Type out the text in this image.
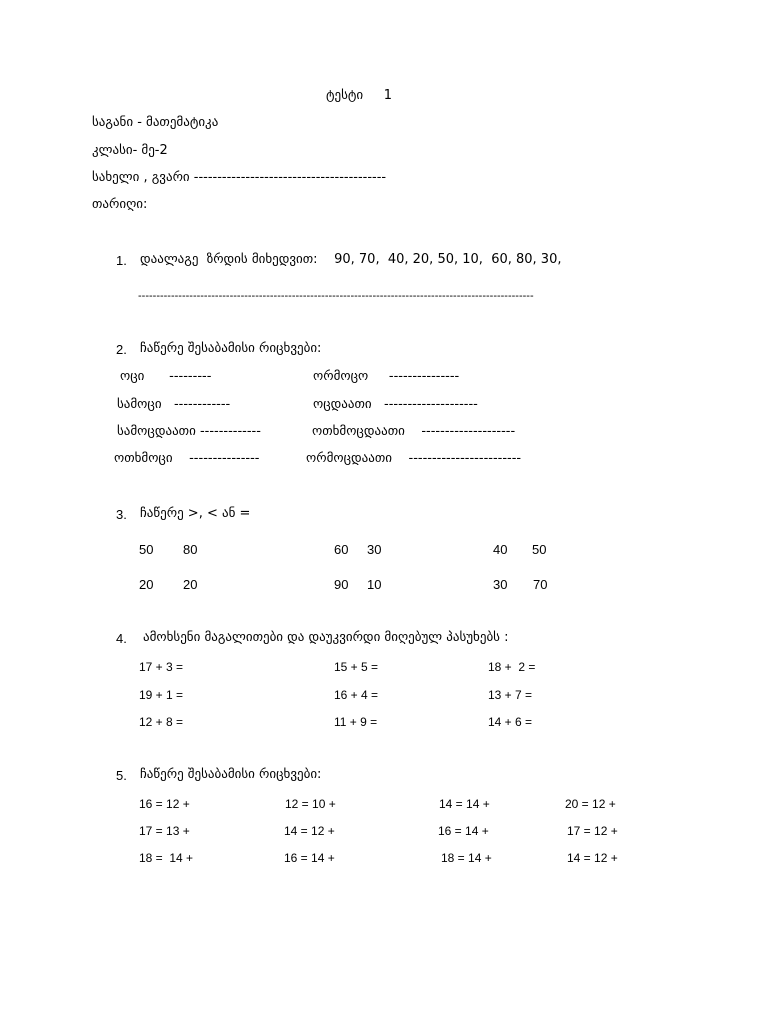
ტესტი     1
საგანი - მათემატიკა
კლასი- მე-2
სახელი , გვარი -----------------------------------------
თარიღი:
1. დაალაგე  ზრდის მიხედვით:    90, 70,  40, 20, 50, 10,  60, 80, 30,
------------------------------------------------------------------------------------------------------------
2. ჩაწერე შესაბამისი რიცხვები:
ოცი      ---------	ორმოცო     ---------------
სამოცი   ------------	ოცდაათი   --------------------
სამოცდაათი -------------	ოთხმოცდაათი    --------------------
ოთხმოცი    ---------------	ორმოცდაათი    ------------------------
3. ჩაწერე >, < ან =
50 80	60 30	40 50
20 20	90 10	30 70
4. ამოხსენი მაგალითები და დაუკვირდი მიღებულ პასუხებს :
17 + 3 =	15 + 5 =	18 +  2 =
19 + 1 =	16 + 4 =	13 + 7 =
12 + 8 =	11 + 9 =	14 + 6 =
5. ჩაწერე შესაბამისი რიცხვები:
16 = 12 +	12 = 10 +	14 = 14 +	20 = 12 +
17 = 13 +	14 = 12 +	16 = 14 +	17 = 12 +
18 =  14 +	16 = 14 +	18 = 14 +	14 = 12 +
